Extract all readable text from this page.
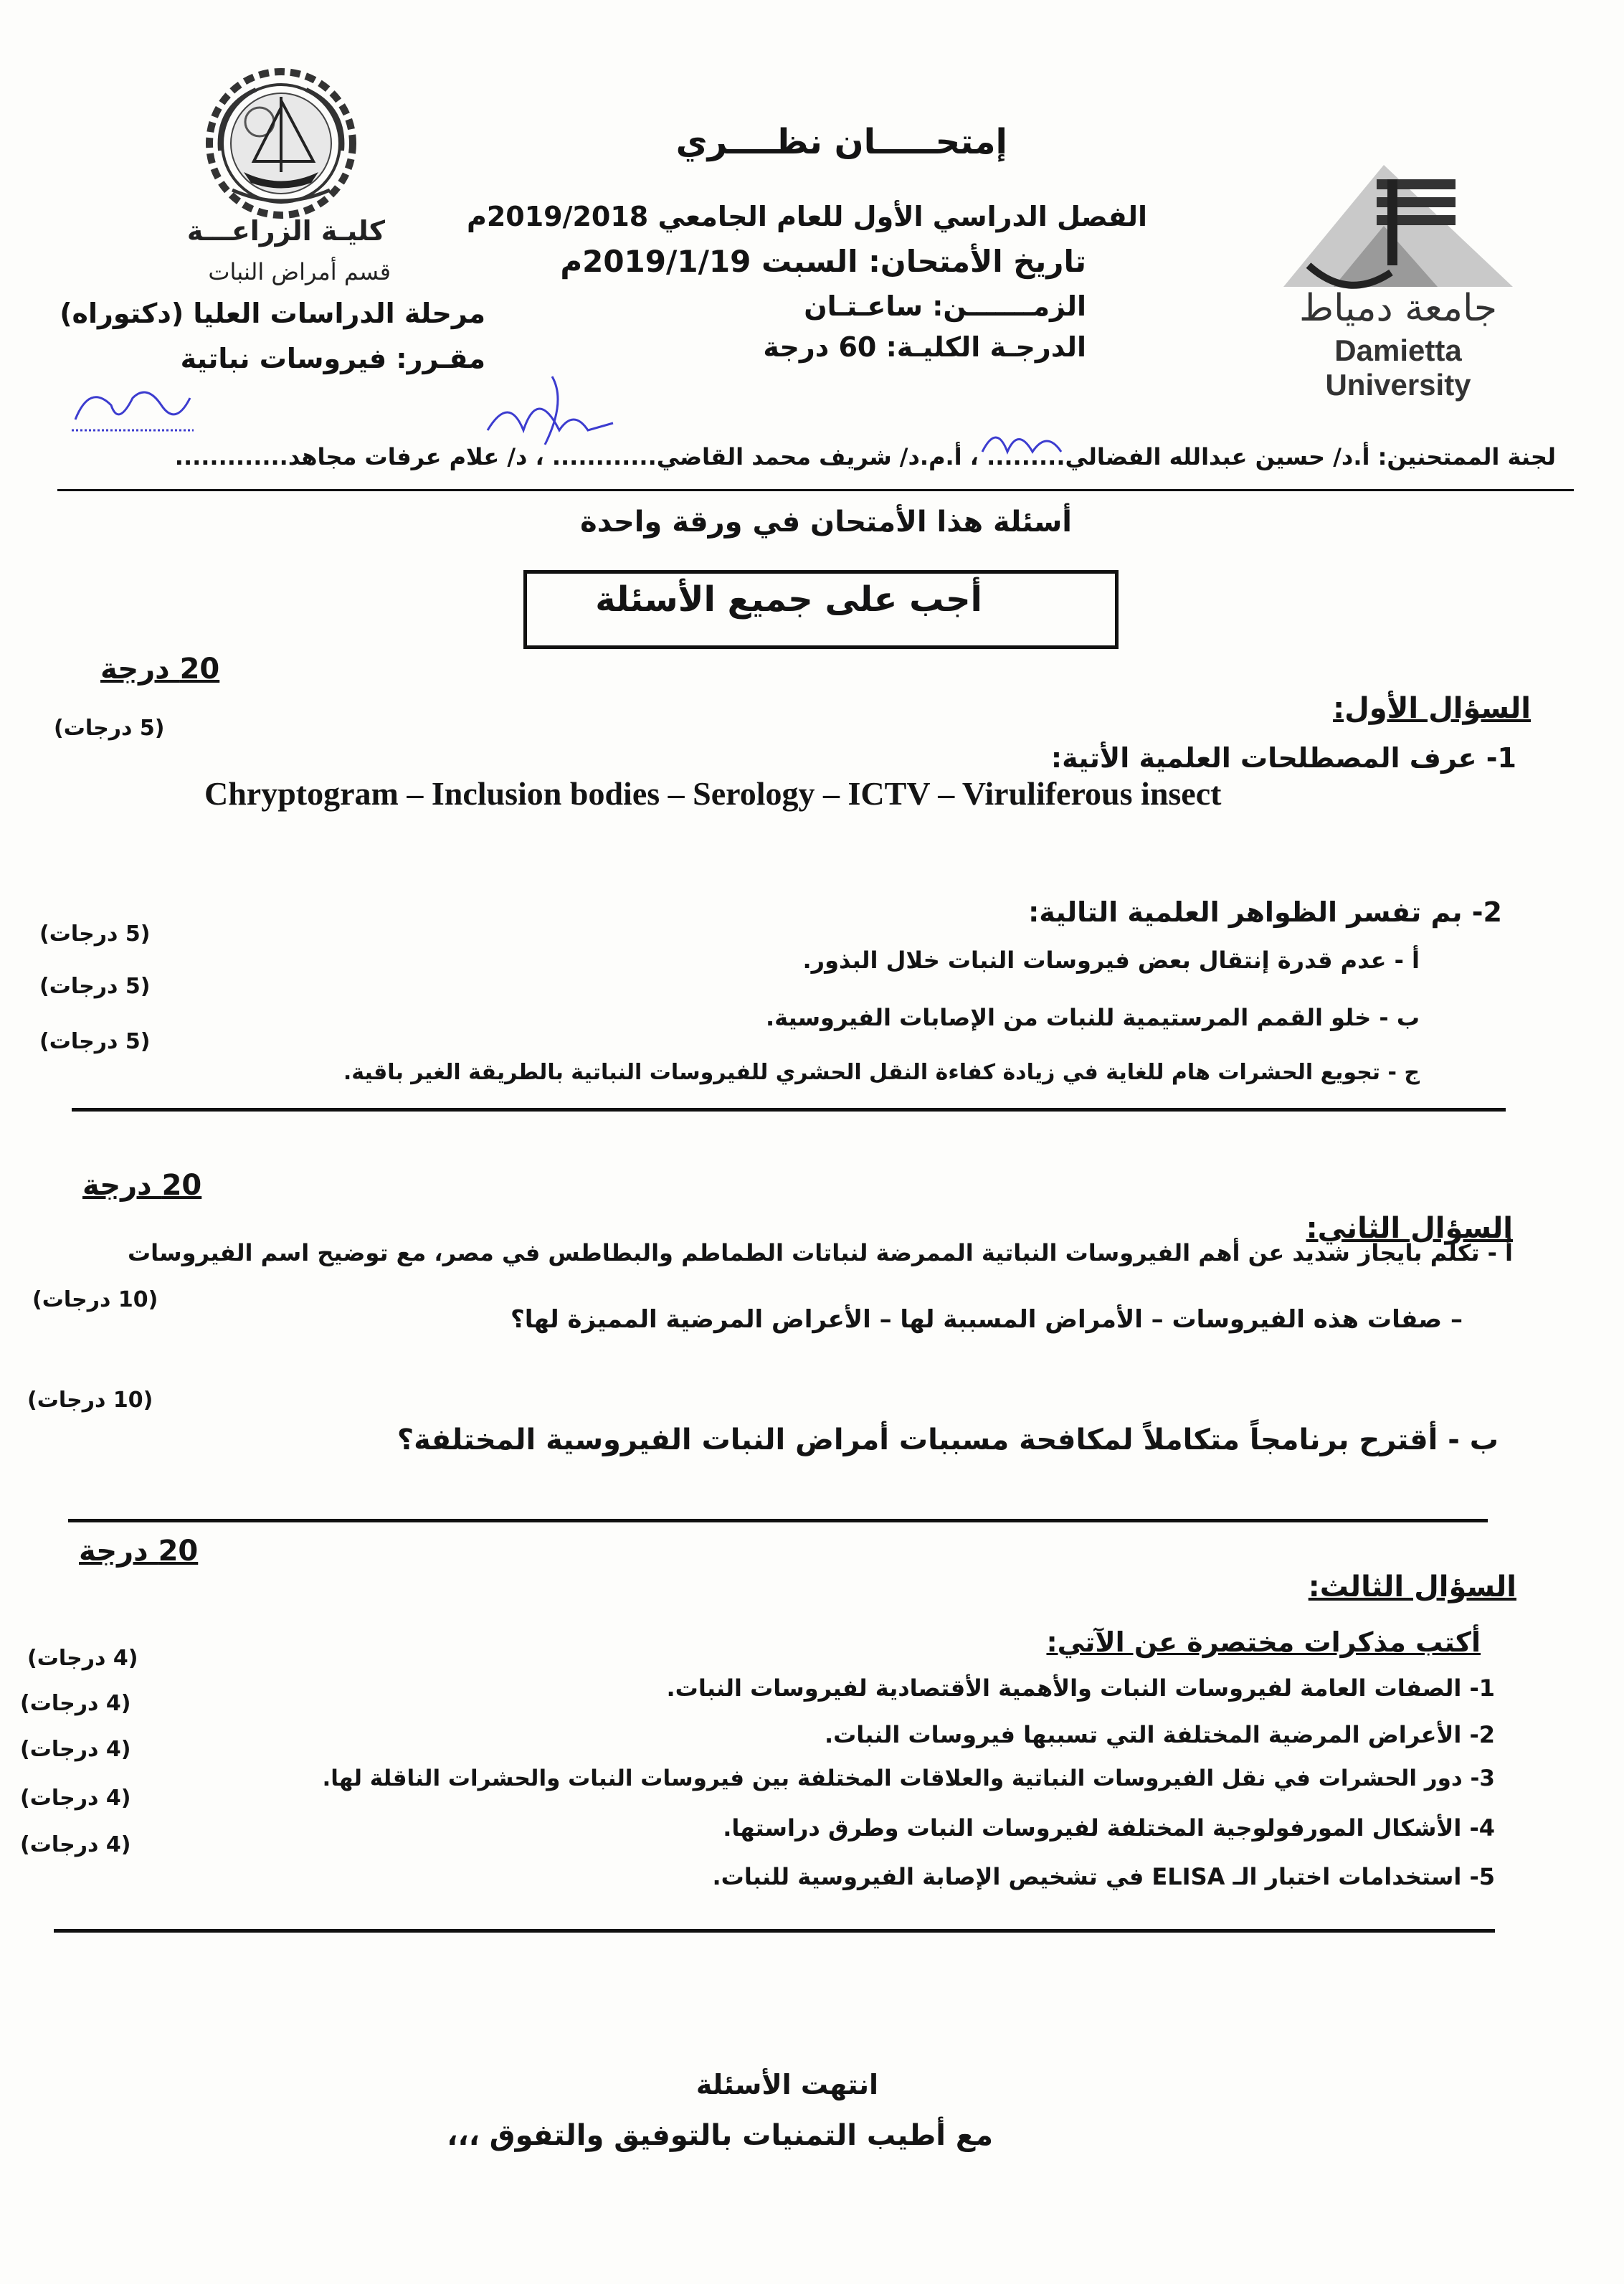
كليـة الزراعـــة
قسم أمراض النبات
مرحلة الدراسات العليا (دكتوراه)
مقـرر: فيروسات نباتية
إمتحـــــان نظــــري
الفصل الدراسي الأول للعام الجامعي 2019/2018م
تاريخ الأمتحان: السبت 2019/1/19م
الزمـــــــن: ساعـتـان
الدرجـة الكليـة: 60 درجة
جامعة دمياط
Damietta University
لجنة الممتحنين: أ.د/ حسين عبدالله الفضالي......... ، أ.م.د/ شريف محمد القاضي............ ، د/ علام عرفات مجاهد.............
أسئلة هذا الأمتحان في ورقة واحدة
أجب على جميع الأسئلة
20 درجة
السؤال الأول:
(5 درجات)
1- عرف المصطلحات العلمية الأتية:
Chryptogram – Inclusion bodies – Serology – ICTV – Viruliferous insect
2- بم تفسر الظواهر العلمية التالية:
(5 درجات)
أ - عدم قدرة إنتقال بعض فيروسات النبات خلال البذور.
(5 درجات)
ب - خلو القمم المرستيمية للنبات من الإصابات الفيروسية.
(5 درجات)
ج - تجويع الحشرات هام للغاية في زيادة كفاءة النقل الحشري للفيروسات النباتية بالطريقة الغير باقية.
20 درجة
السؤال الثاني:
أ - تكلم بايجاز شديد عن أهم الفيروسات النباتية الممرضة لنباتات الطماطم والبطاطس في مصر، مع توضيح اسم الفيروسات
(10 درجات)
– صفات هذه الفيروسات – الأمراض المسببة لها – الأعراض المرضية المميزة لها؟
(10 درجات)
ب - أقترح برنامجاً متكاملاً لمكافحة مسببات أمراض النبات الفيروسية المختلفة؟
20 درجة
السؤال الثالث:
أكتب مذكرات مختصرة عن الآتي:
(4 درجات)
1- الصفات العامة لفيروسات النبات والأهمية الأقتصادية لفيروسات النبات.
(4 درجات)
2- الأعراض المرضية المختلفة التي تسببها فيروسات النبات.
(4 درجات)
3- دور الحشرات في نقل الفيروسات النباتية والعلاقات المختلفة بين فيروسات النبات والحشرات الناقلة لها.
(4 درجات)
4- الأشكال المورفولوجية المختلفة لفيروسات النبات وطرق دراستها.
(4 درجات)
5- استخدامات اختبار الـ ELISA في تشخيص الإصابة الفيروسية للنبات.
انتهت الأسئلة
مع أطيب التمنيات بالتوفيق والتفوق ،،،
